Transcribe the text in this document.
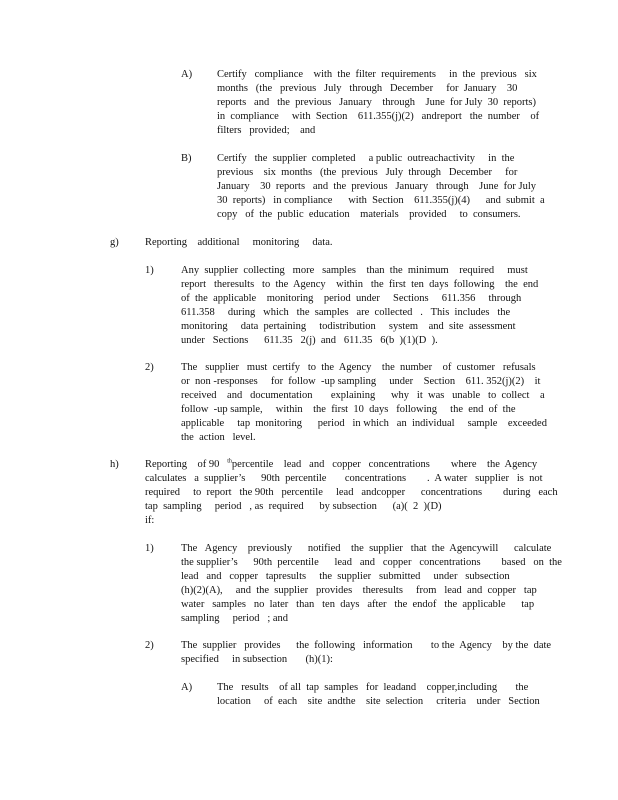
A) Certify   compliance    with  the  filter  requirements     in  the  previous   six
months   (the   previous   July   through   December     for  January    30
reports   and   the  previous   January    through    June  for July  30  reports)
in  compliance     with  Section    611.355(j)(2)   andreport   the  number    of
filters   provided;    and
B) Certify   the  supplier  completed     a public  outreachactivity     in  the
previous    six  months   (the  previous   July  through   December     for
January    30  reports   and  the  previous   January   through    June  for July
30  reports)   in compliance      with  Section    611.355(j)(4)      and  submit  a
copy   of  the  public  education    materials    provided     to  consumers.
g)	Reporting    additional     monitoring     data.
1)	Any  supplier  collecting   more   samples    than  the  minimum    required     must
report   theresults   to  the  Agency    within   the  first  ten  days  following    the  end
of  the  applicable    monitoring    period  under     Sections     611.356     through
611.358     during   which   the  samples   are  collected   .   This  includes   the
monitoring     data  pertaining     todistribution     system    and  site  assessment
under   Sections      611.35   2(j)  and   611.35   6(b  )(1)(D  ).
2)	The   supplier   must  certify   to  the  Agency    the  number    of  customer   refusals
or  non -responses     for  follow  -up sampling     under    Section    611. 352(j)(2)    it
received    and   documentation       explaining      why   it  was   unable   to  collect    a
follow  -up sample,     within    the  first  10  days   following     the  end  of  the
applicable     tap  monitoring      period   in which   an  individual     sample    exceeded
the  action   level.
h)	Reporting    of 90   $^{th}$percentile    lead   and   copper   concentrations        where    the  Agency
calculates   a  supplier’s      90th  percentile       concentrations        .  A water   supplier   is  not
required     to  report   the 90th   percentile     lead   andcopper      concentrations        during   each
tap  sampling     period   , as  required      by subsection      (a)(  2  )(D)
if:
1)	The   Agency    previously      notified    the  supplier   that  the  Agencywill      calculate
the supplier’s      90th  percentile      lead   and   copper   concentrations        based   on  the
lead   and   copper   tapresults     the  supplier   submitted     under   subsection
(h)(2)(A),     and  the  supplier   provides    theresults     from   lead  and  copper   tap
water   samples   no  later   than   ten  days   after   the  endof   the  applicable      tap
sampling     period   ; and
2)	The  supplier   provides      the  following   information       to the  Agency    by the  date
specified     in subsection       (h)(1):
A) The   results    of all  tap  samples   for  leadand    copper,including       the
location     of  each    site  andthe    site  selection     criteria    under   Section
